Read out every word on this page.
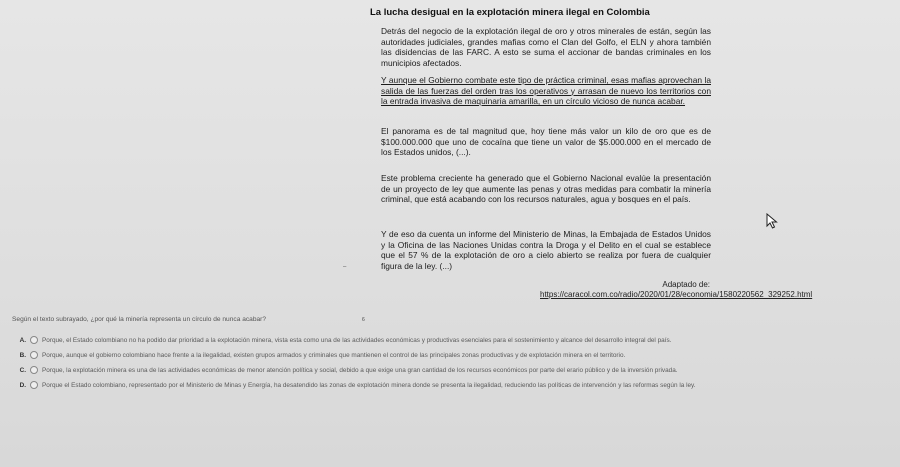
La lucha desigual en la explotación minera ilegal en Colombia
Detrás del negocio de la explotación ilegal de oro y otros minerales de están, según las autoridades judiciales, grandes mafias como el Clan del Golfo, el ELN y ahora también las disidencias de las FARC. A esto se suma el accionar de bandas criminales en los municipios afectados.
Y aunque el Gobierno combate este tipo de práctica criminal, esas mafias aprovechan la salida de las fuerzas del orden tras los operativos y arrasan de nuevo los territorios con la entrada invasiva de maquinaria amarilla, en un círculo vicioso de nunca acabar.
El panorama es de tal magnitud que, hoy tiene más valor un kilo de oro que es de $100.000.000 que uno de cocaína que tiene un valor de $5.000.000 en el mercado de los Estados unidos, (...).
Este problema creciente ha generado que el Gobierno Nacional evalúe la presentación de un proyecto de ley que aumente las penas y otras medidas para combatir la minería criminal, que está acabando con los recursos naturales, agua y bosques en el país.
Y de eso da cuenta un informe del Ministerio de Minas, la Embajada de Estados Unidos y la Oficina de las Naciones Unidas contra la Droga y el Delito en el cual se establece que el 57 % de la explotación de oro a cielo abierto se realiza por fuera de cualquier figura de la ley. (...)
Adaptado de:
https://caracol.com.co/radio/2020/01/28/economia/1580220562_329252.html
–
Según el texto subrayado, ¿por qué la minería representa un círculo de nunca acabar?	6
A.	Porque, el Estado colombiano no ha podido dar prioridad a la explotación minera, vista esta como una de las actividades económicas y productivas esenciales para el sostenimiento y alcance del desarrollo integral del país.
B.	Porque, aunque el gobierno colombiano hace frente a la ilegalidad, existen grupos armados y criminales que mantienen el control de las principales zonas productivas y de explotación minera en el territorio.
C.	Porque, la explotación minera es una de las actividades económicas de menor atención política y social, debido a que exige una gran cantidad de los recursos económicos por parte del erario público y de la inversión privada.
D.	Porque el Estado colombiano, representado por el Ministerio de Minas y Energía, ha desatendido las zonas de explotación minera donde se presenta la ilegalidad, reduciendo las políticas de intervención y las reformas según la ley.
